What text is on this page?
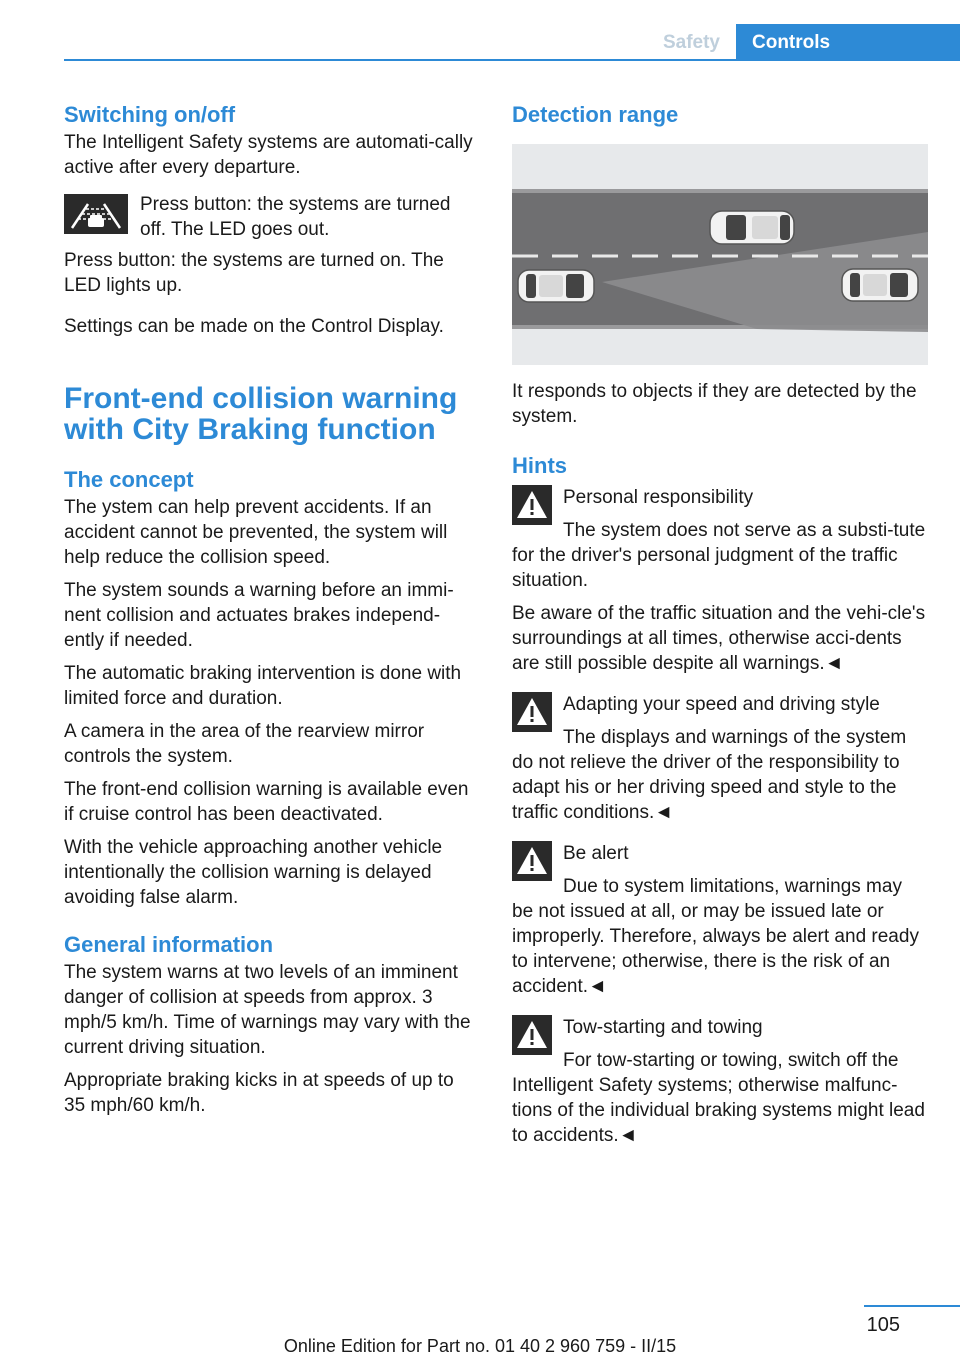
Safety	Controls
Switching on/off

The Intelligent Safety systems are automati-cally active after every departure.

Press button: the systems are turned off. The LED goes out.

Press button: the systems are turned on. The LED lights up.

Settings can be made on the Control Display.

Front-end collision warning with City Braking function
The concept

The ystem can help prevent accidents. If an accident cannot be prevented, the system will help reduce the collision speed.

The system sounds a warning before an immi-nent collision and actuates brakes independ-ently if needed.

The automatic braking intervention is done with limited force and duration.

A camera in the area of the rearview mirror controls the system.

The front-end collision warning is available even if cruise control has been deactivated.

With the vehicle approaching another vehicle intentionally the collision warning is delayed avoiding false alarm.

General information

The system warns at two levels of an imminent danger of collision at speeds from approx. 3 mph/5 km/h. Time of warnings may vary with the current driving situation.

Appropriate braking kicks in at speeds of up to 35 mph/60 km/h.

Detection range

It responds to objects if they are detected by the system.

Hints

Personal responsibility

The system does not serve as a substi-tute for the driver's personal judgment of the traffic situation.

Be aware of the traffic situation and the vehi-cle's surroundings at all times, otherwise acci-dents are still possible despite all warnings.◄

Adapting your speed and driving style

The displays and warnings of the system do not relieve the driver of the responsibility to adapt his or her driving speed and style to the traffic conditions.◄

Be alert

Due to system limitations, warnings may be not issued at all, or may be issued late or improperly. Therefore, always be alert and ready to intervene; otherwise, there is the risk of an accident.◄

Tow-starting and towing

For tow-starting or towing, switch off the Intelligent Safety systems; otherwise malfunc-tions of the individual braking systems might lead to accidents.◄

105
Online Edition for Part no. 01 40 2 960 759 - II/15
